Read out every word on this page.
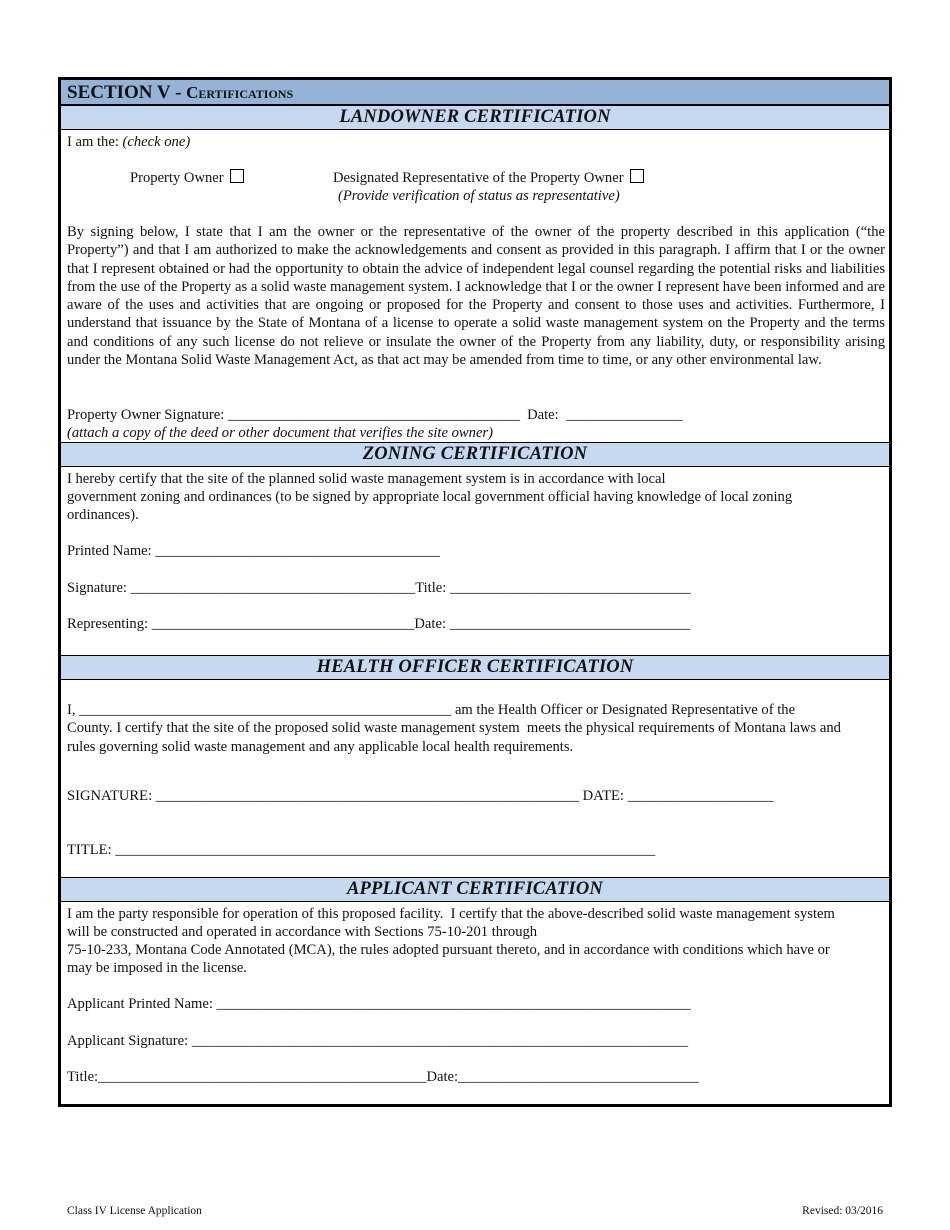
SECTION V - Certifications
LANDOWNER CERTIFICATION
I am the: (check one)
Property Owner	Designated Representative of the Property Owner
(Provide verification of status as representative)
By signing below, I state that I am the owner or the representative of the owner of the property described in this application (“the Property”) and that I am authorized to make the acknowledgements and consent as provided in this paragraph. I affirm that I or the owner that I represent obtained or had the opportunity to obtain the advice of independent legal counsel regarding the potential risks and liabilities from the use of the Property as a solid waste management system. I acknowledge that I or the owner I represent have been informed and are aware of the uses and activities that are ongoing or proposed for the Property and consent to those uses and activities. Furthermore, I understand that issuance by the State of Montana of a license to operate a solid waste management system on the Property and the terms and conditions of any such license do not relieve or insulate the owner of the Property from any liability, duty, or responsibility arising under the Montana Solid Waste Management Act, as that act may be amended from time to time, or any other environmental law.
Property Owner Signature: ________________________________________  Date:  ________________
(attach a copy of the deed or other document that verifies the site owner)
ZONING CERTIFICATION
I hereby certify that the site of the planned solid waste management system is in accordance with local
government zoning and ordinances (to be signed by appropriate local government official having knowledge of local zoning
ordinances).
Printed Name: _______________________________________
Signature: _______________________________________Title: _________________________________
Representing: ____________________________________Date: _________________________________
HEALTH OFFICER CERTIFICATION
I, ___________________________________________________ am the Health Officer or Designated Representative of the
County. I certify that the site of the proposed solid waste management system  meets the physical requirements of Montana laws and
rules governing solid waste management and any applicable local health requirements.
SIGNATURE: __________________________________________________________ DATE: ____________________
TITLE: __________________________________________________________________________
APPLICANT CERTIFICATION
I am the party responsible for operation of this proposed facility.  I certify that the above-described solid waste management system
will be constructed and operated in accordance with Sections 75-10-201 through
75-10-233, Montana Code Annotated (MCA), the rules adopted pursuant thereto, and in accordance with conditions which have or
may be imposed in the license.
Applicant Printed Name: _________________________________________________________________
Applicant Signature: ____________________________________________________________________
Title:_____________________________________________Date:_________________________________
Class IV License Application	Revised: 03/2016
